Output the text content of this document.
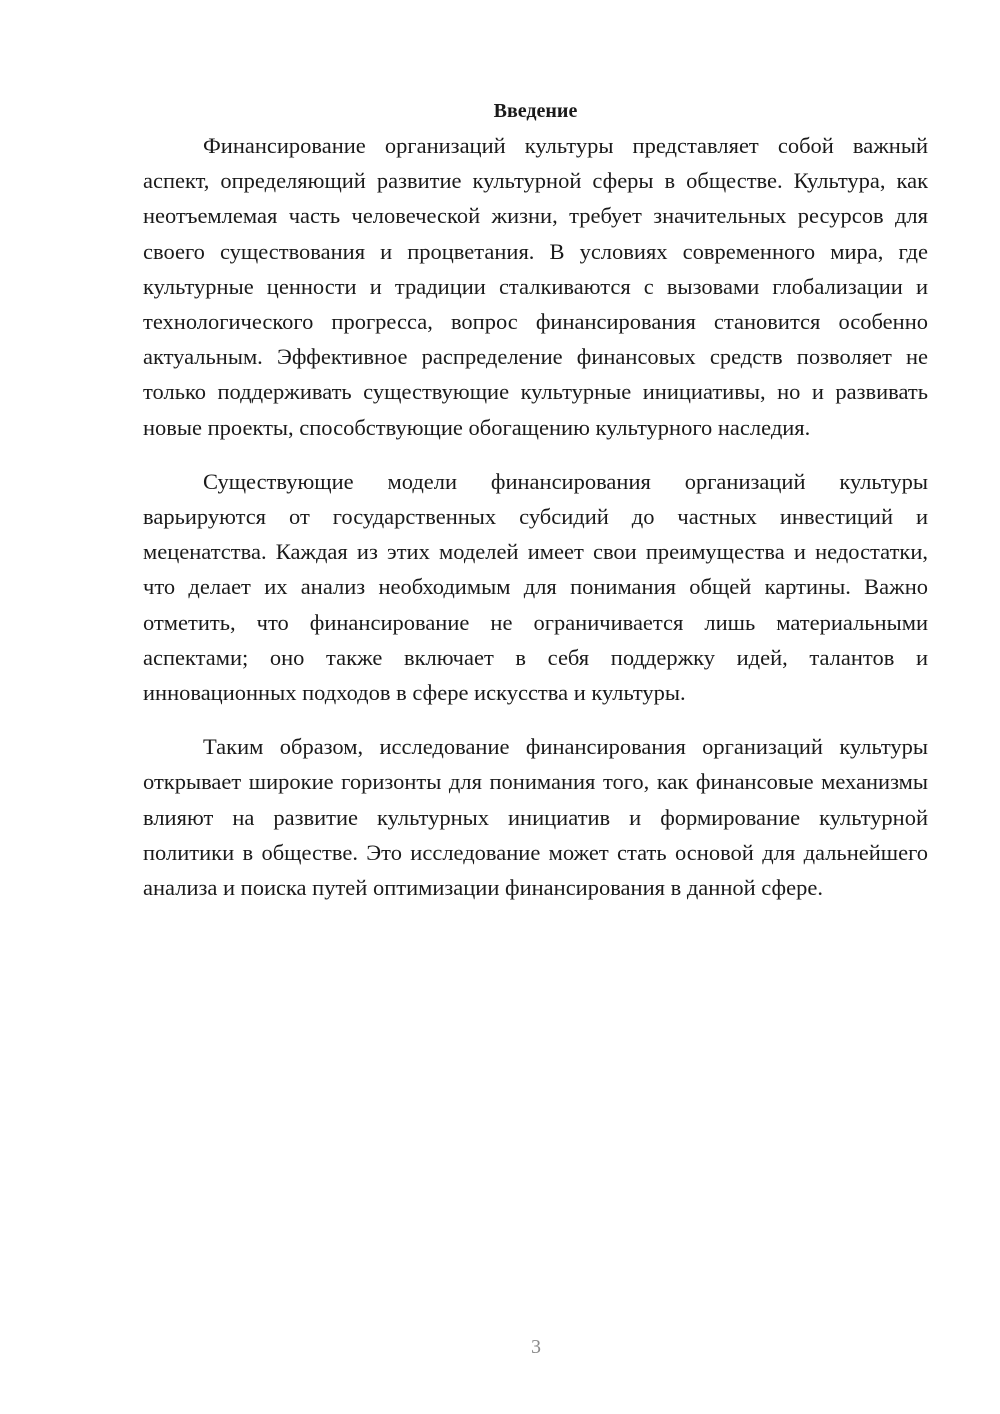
Введение

Финансирование организаций культуры представляет собой важный аспект, определяющий развитие культурной сферы в обществе. Культура, как неотъемлемая часть человеческой жизни, требует значительных ресурсов для своего существования и процветания. В условиях современного мира, где культурные ценности и традиции сталкиваются с вызовами глобализации и технологического прогресса, вопрос финансирования становится особенно актуальным. Эффективное распределение финансовых средств позволяет не только поддерживать существующие культурные инициативы, но и развивать новые проекты, способствующие обогащению культурного наследия.

Существующие модели финансирования организаций культуры варьируются от государственных субсидий до частных инвестиций и меценатства. Каждая из этих моделей имеет свои преимущества и недостатки, что делает их анализ необходимым для понимания общей картины. Важно отметить, что финансирование не ограничивается лишь материальными аспектами; оно также включает в себя поддержку идей, талантов и инновационных подходов в сфере искусства и культуры.

Таким образом, исследование финансирования организаций культуры открывает широкие горизонты для понимания того, как финансовые механизмы влияют на развитие культурных инициатив и формирование культурной политики в обществе. Это исследование может стать основой для дальнейшего анализа и поиска путей оптимизации финансирования в данной сфере.

3
